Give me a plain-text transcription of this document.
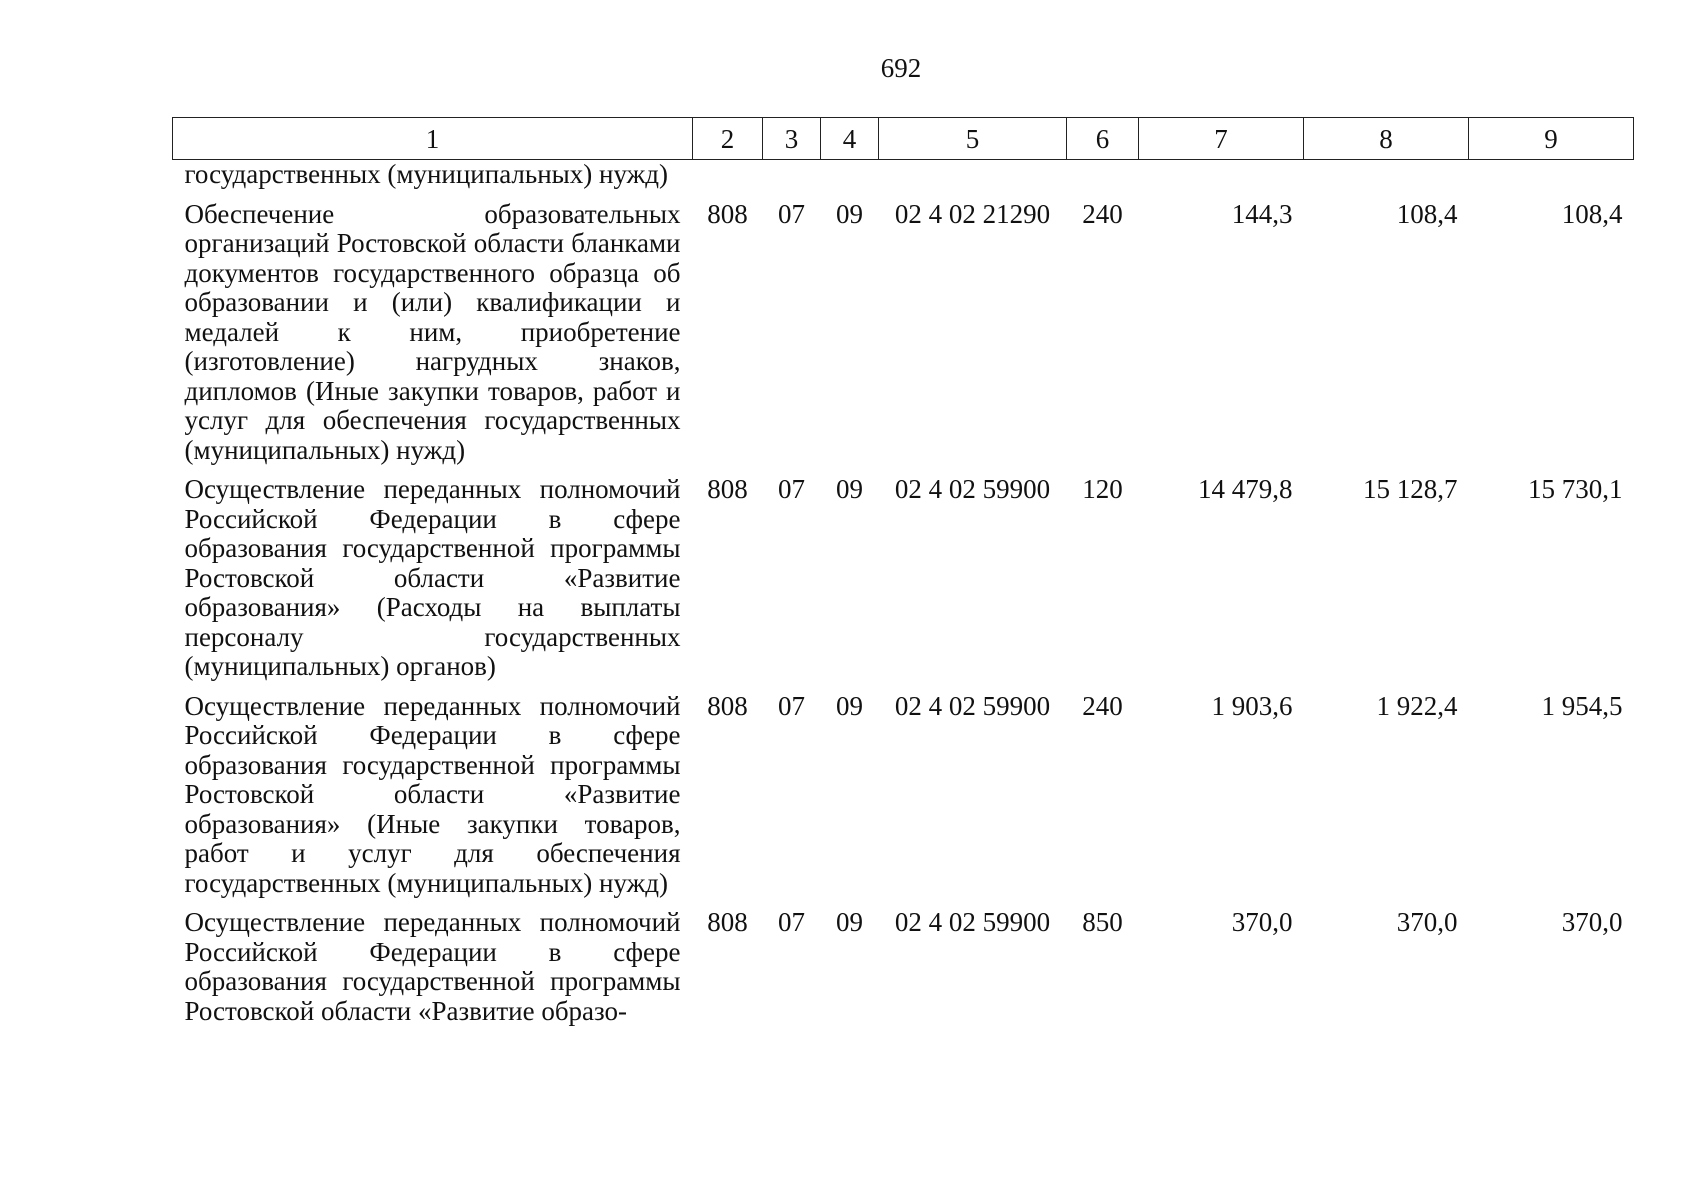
692
1	2	3	4	5	6	7	8	9
государственных (муниципальных) нужд)								
Обеспечение образовательных организаций Ростовской области бланками документов государственного образца об образовании и (или) квалификации и медалей к ним, приобретение (изготовление) нагрудных знаков, дипломов (Иные закупки товаров, работ и услуг для обеспечения государственных (муниципальных) нужд)	808	07	09	02 4 02 21290	240	144,3	108,4	108,4
Осуществление переданных полномочий Российской Федерации в сфере образования государственной программы Ростовской области «Развитие образования» (Расходы на выплаты персоналу государственных (муниципальных) органов)	808	07	09	02 4 02 59900	120	14 479,8	15 128,7	15 730,1
Осуществление переданных полномочий Российской Федерации в сфере образования государственной программы Ростовской области «Развитие образования» (Иные закупки товаров, работ и услуг для обеспечения государственных (муниципальных) нужд)	808	07	09	02 4 02 59900	240	1 903,6	1 922,4	1 954,5
Осуществление переданных полномочий Российской Федерации в сфере образования государственной программы Ростовской области «Развитие образо-	808	07	09	02 4 02 59900	850	370,0	370,0	370,0
